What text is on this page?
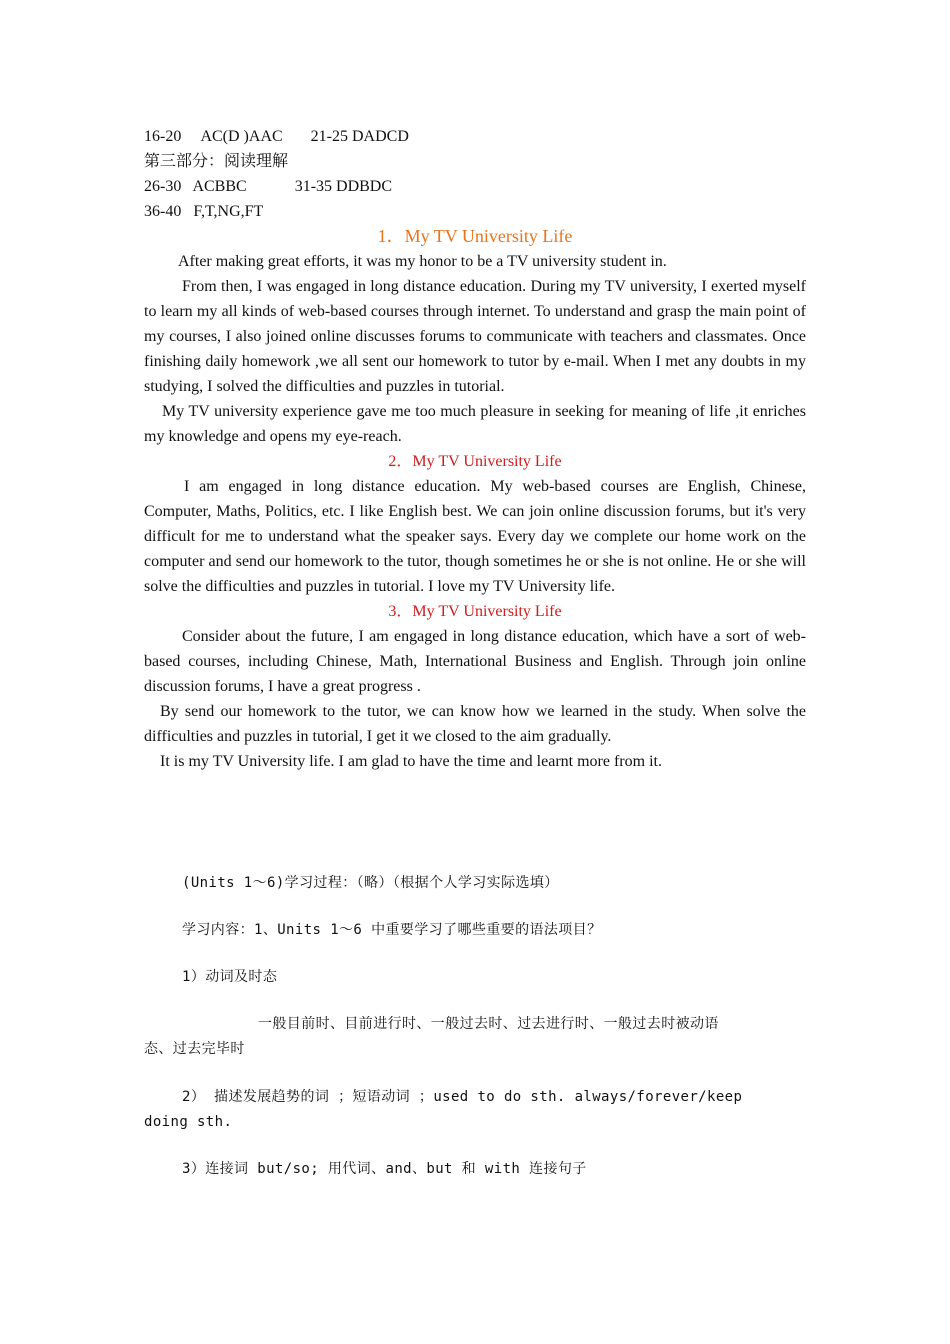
16-20     AC(D )AAC       21-25 DADCD

第三部分：阅读理解

26-30   ACBBC            31-35 DDBDC

36-40   F,T,NG,FT

1．My TV University Life

After making great efforts, it was my honor to be a TV university student in.

From then, I was engaged in long distance education. During my TV university, I exerted myself to learn my all kinds of web-based courses through internet. To understand and grasp the main point of my courses, I also joined online discusses forums to communicate with teachers and classmates. Once finishing daily homework ,we all sent our homework to tutor by e-mail. When I met any doubts in my studying, I solved the difficulties and puzzles in tutorial.

My TV university experience gave me too much pleasure in seeking for meaning of life ,it enriches my knowledge and opens my eye-reach.

2．My TV University Life

I am engaged in long distance education. My web-based courses are English, Chinese, Computer, Maths, Politics, etc. I like English best. We can join online discussion forums, but it's very difficult for me to understand what the speaker says. Every day we complete our home work on the computer and send our homework to the tutor, though sometimes he or she is not online. He or she will solve the difficulties and puzzles in tutorial. I love my TV University life.

3．My TV University Life

Consider about the future, I am engaged in long distance education, which have a sort of web-based courses, including Chinese, Math, International Business and English. Through join online discussion forums, I have a great progress .

By send our homework to the tutor, we can know how we learned in the study. When solve the difficulties and puzzles in tutorial, I get it we closed to the aim gradually.

It is my TV University life. I am glad to have the time and learnt more from it.

(Units 1～6)学习过程：（略）（根据个人学习实际选填）

学习内容：1、Units 1～6 中重要学习了哪些重要的语法项目？

1）动词及时态

一般目前时、目前进行时、一般过去时、过去进行时、一般过去时被动语

态、过去完毕时

2） 描述发展趋势的词 ；短语动词 ；used to do sth. always/forever/keep

doing sth.

3）连接词 but/so; 用代词、and、but 和 with 连接句子
